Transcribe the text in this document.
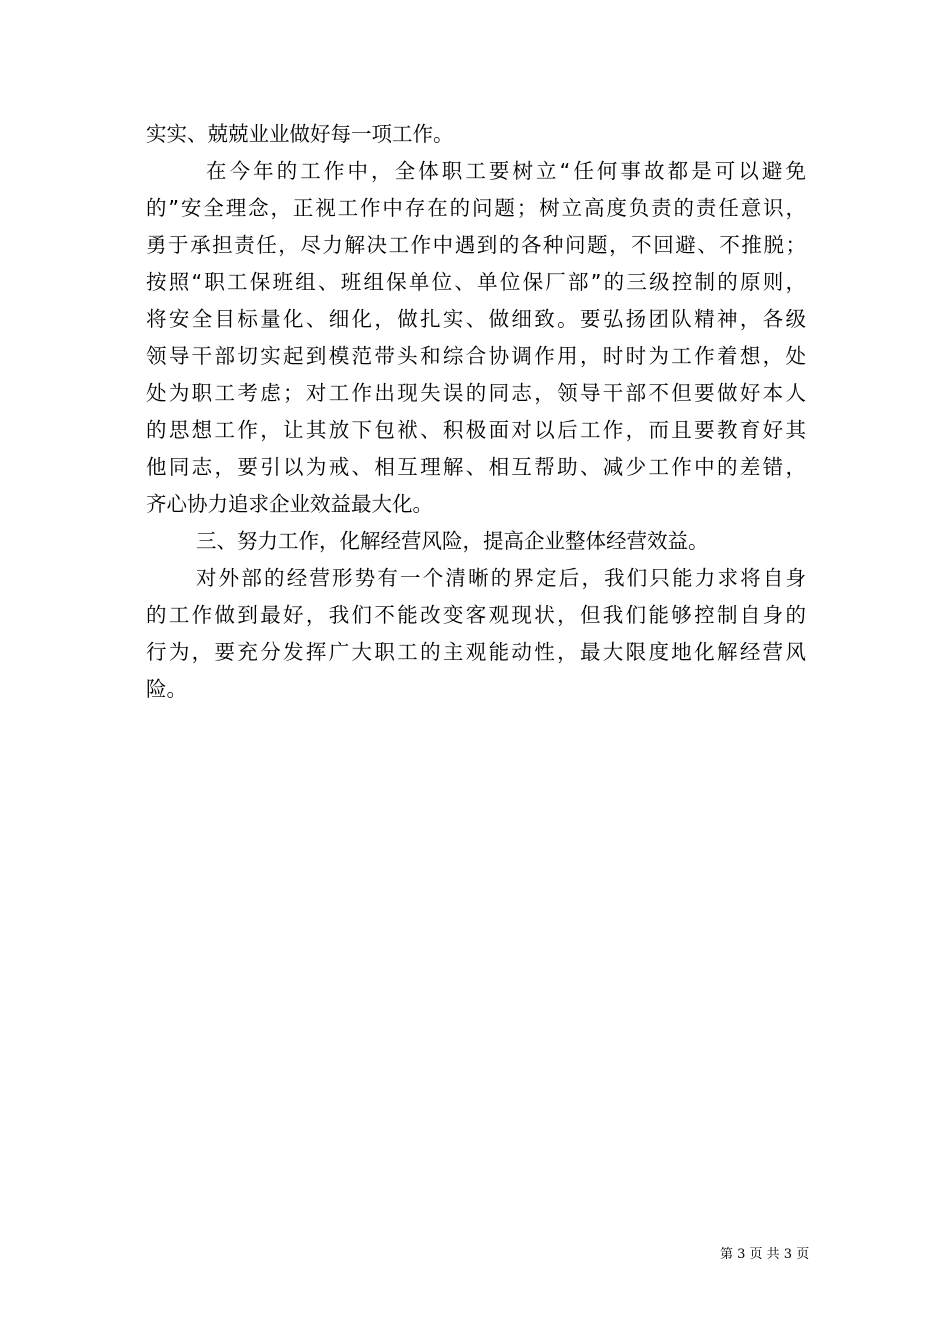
实实、兢兢业业做好每一项工作。
在今年的工作中，全体职工要树立“任何事故都是可以避免
的”安全理念，正视工作中存在的问题；树立高度负责的责任意识，
勇于承担责任，尽力解决工作中遇到的各种问题，不回避、不推脱；
按照“职工保班组、班组保单位、单位保厂部”的三级控制的原则，
将安全目标量化、细化，做扎实、做细致。要弘扬团队精神，各级
领导干部切实起到模范带头和综合协调作用，时时为工作着想，处
处为职工考虑；对工作出现失误的同志，领导干部不但要做好本人
的思想工作，让其放下包袱、积极面对以后工作，而且要教育好其
他同志，要引以为戒、相互理解、相互帮助、减少工作中的差错，
齐心协力追求企业效益最大化。
三、努力工作，化解经营风险，提高企业整体经营效益。
对外部的经营形势有一个清晰的界定后，我们只能力求将自身
的工作做到最好，我们不能改变客观现状，但我们能够控制自身的
行为，要充分发挥广大职工的主观能动性，最大限度地化解经营风
险。
第 3 页 共 3 页
